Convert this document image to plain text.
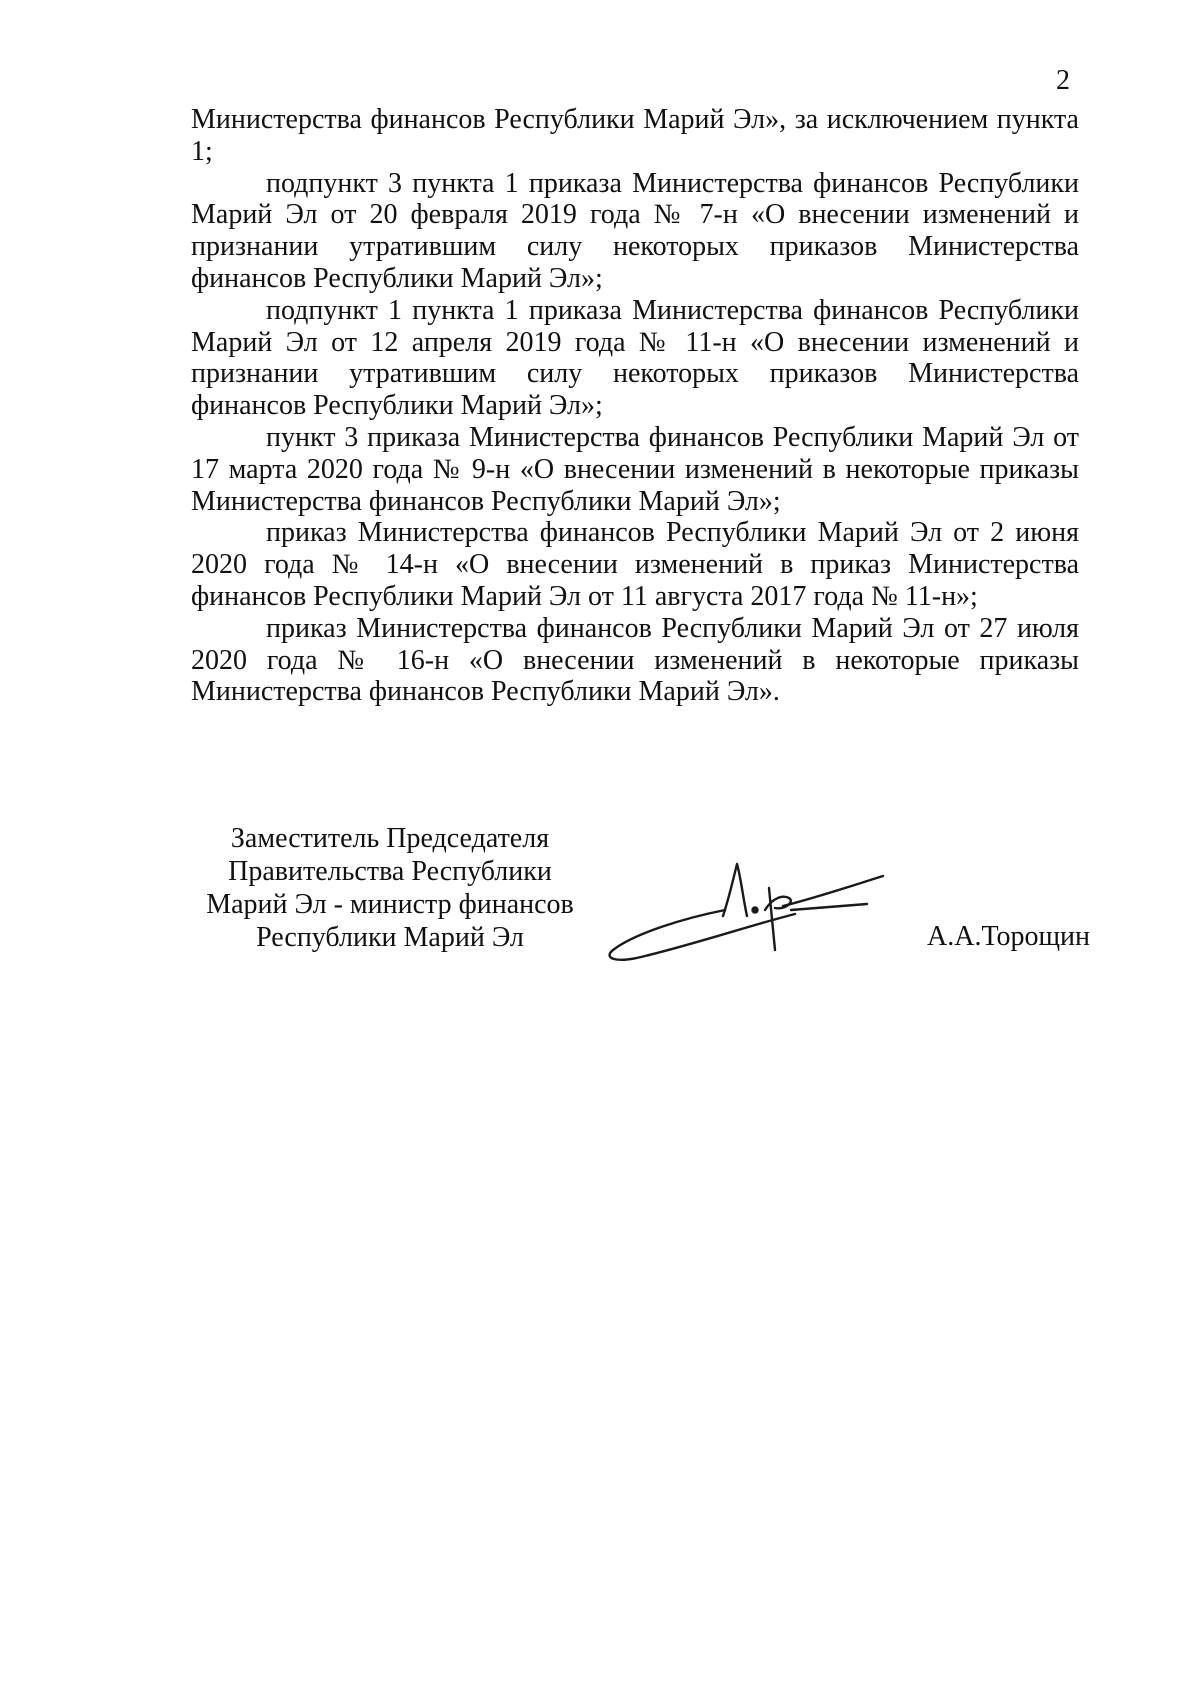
2

Министерства финансов Республики Марий Эл», за исключением пункта 1;

подпункт 3 пункта 1 приказа Министерства финансов Республики Марий Эл от 20 февраля 2019 года № 7-н «О внесении изменений и признании утратившим силу некоторых приказов Министерства финансов Республики Марий Эл»;

подпункт 1 пункта 1 приказа Министерства финансов Республики Марий Эл от 12 апреля 2019 года № 11-н «О внесении изменений и признании утратившим силу некоторых приказов Министерства финансов Республики Марий Эл»;

пункт 3 приказа Министерства финансов Республики Марий Эл от 17 марта 2020 года № 9-н «О внесении изменений в некоторые приказы Министерства финансов Республики Марий Эл»;

приказ Министерства финансов Республики Марий Эл от 2 июня 2020 года № 14-н «О внесении изменений в приказ Министерства финансов Республики Марий Эл от 11 августа 2017 года № 11-н»;

приказ Министерства финансов Республики Марий Эл от 27 июля 2020 года № 16-н «О внесении изменений в некоторые приказы Министерства финансов Республики Марий Эл».

Заместитель Председателя
Правительства Республики
Марий Эл - министр финансов
Республики Марий Эл	А.А.Торощин
